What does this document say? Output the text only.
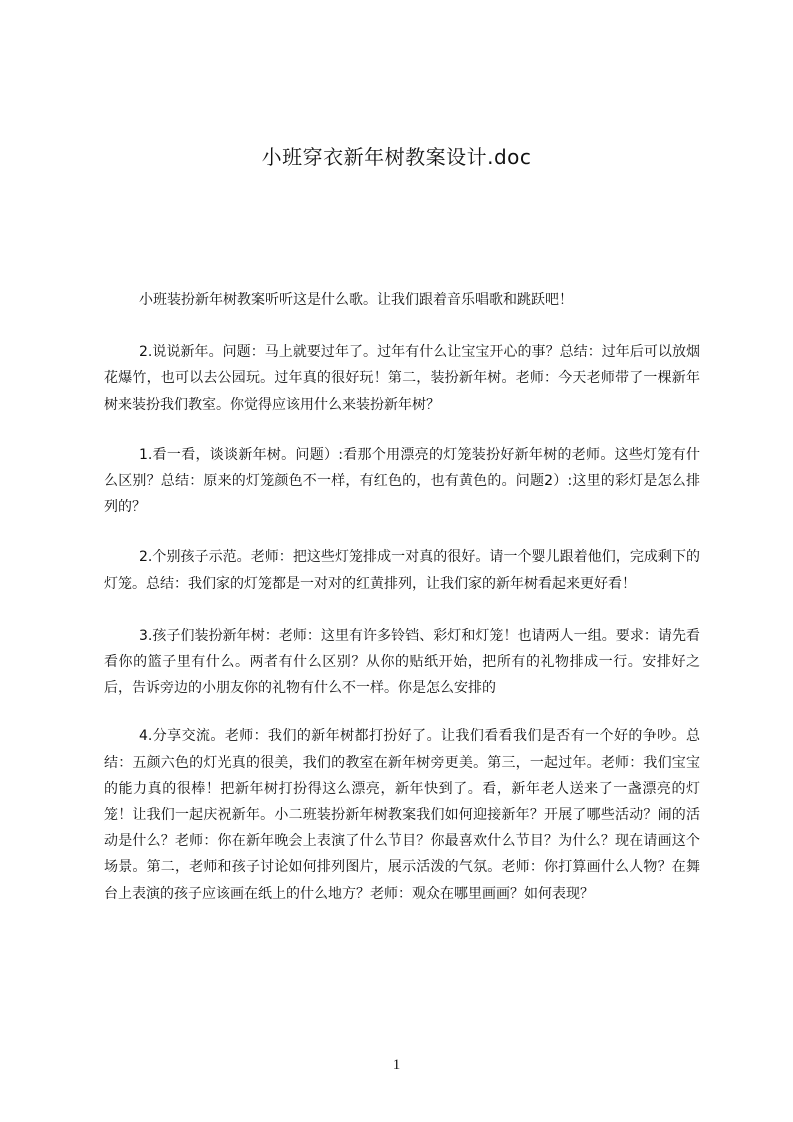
小班穿衣新年树教案设计.doc

小班装扮新年树教案听听这是什么歌。让我们跟着音乐唱歌和跳跃吧！

2.说说新年。问题：马上就要过年了。过年有什么让宝宝开心的事？总结：过年后可以放烟花爆竹，也可以去公园玩。过年真的很好玩！第二，装扮新年树。老师：今天老师带了一棵新年树来装扮我们教室。你觉得应该用什么来装扮新年树？

1.看一看，谈谈新年树。问题）:看那个用漂亮的灯笼装扮好新年树的老师。这些灯笼有什么区别？总结：原来的灯笼颜色不一样，有红色的，也有黄色的。问题2）:这里的彩灯是怎么排列的？

2.个别孩子示范。老师：把这些灯笼排成一对真的很好。请一个婴儿跟着他们，完成剩下的灯笼。总结：我们家的灯笼都是一对对的红黄排列，让我们家的新年树看起来更好看！

3.孩子们装扮新年树：老师：这里有许多铃铛、彩灯和灯笼！也请两人一组。要求：请先看看你的篮子里有什么。两者有什么区别？从你的贴纸开始，把所有的礼物排成一行。安排好之后，告诉旁边的小朋友你的礼物有什么不一样。你是怎么安排的

4.分享交流。老师：我们的新年树都打扮好了。让我们看看我们是否有一个好的争吵。总结：五颜六色的灯光真的很美，我们的教室在新年树旁更美。第三，一起过年。老师：我们宝宝的能力真的很棒！把新年树打扮得这么漂亮，新年快到了。看，新年老人送来了一盏漂亮的灯笼！让我们一起庆祝新年。小二班装扮新年树教案我们如何迎接新年？开展了哪些活动？闹的活动是什么？老师：你在新年晚会上表演了什么节目？你最喜欢什么节目？为什么？现在请画这个场景。第二，老师和孩子讨论如何排列图片，展示活泼的气氛。老师：你打算画什么人物？在舞台上表演的孩子应该画在纸上的什么地方？老师：观众在哪里画画？如何表现？

1
